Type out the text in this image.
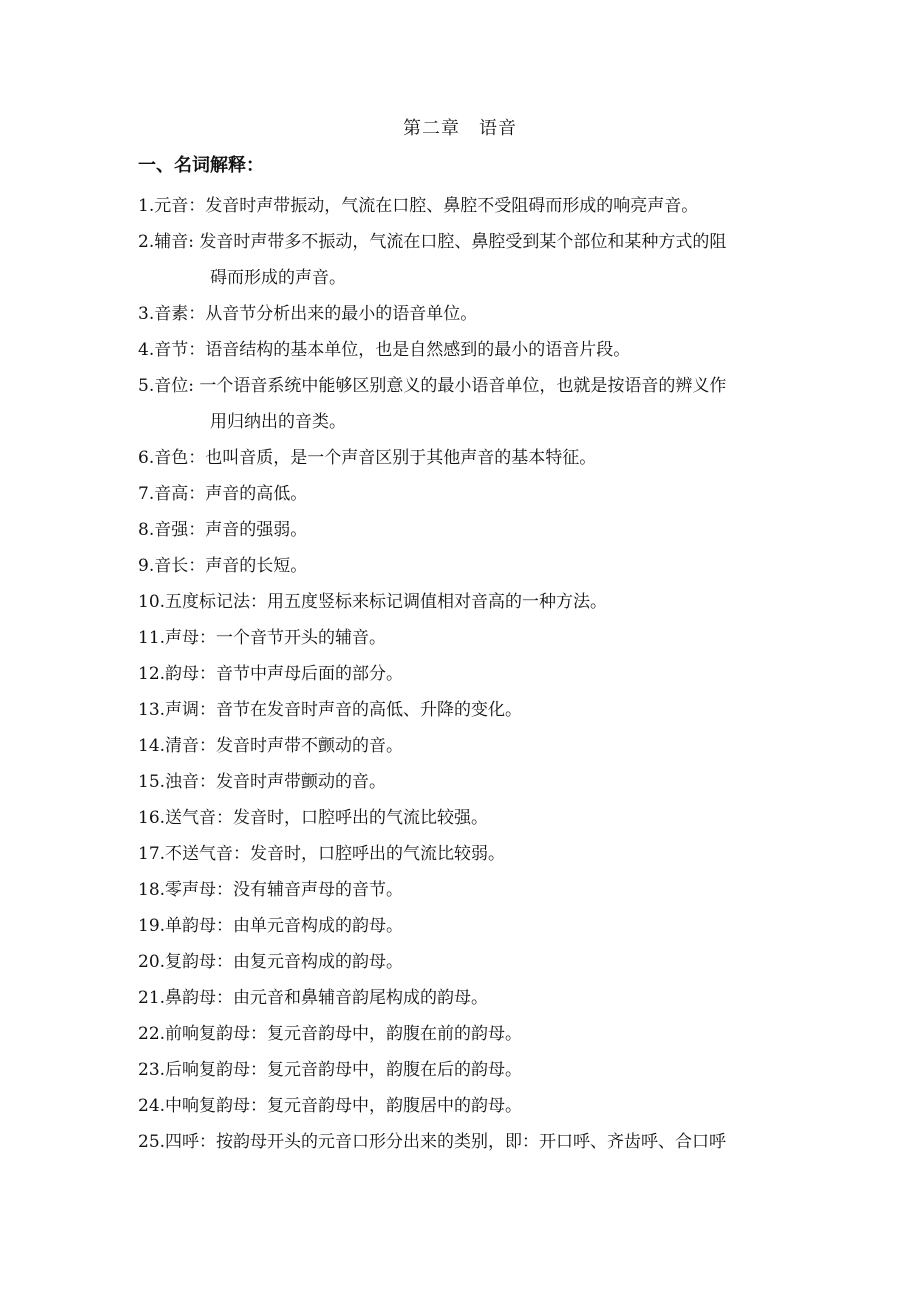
第二章　语音
一、名词解释：
1.元音：发音时声带振动，气流在口腔、鼻腔不受阻碍而形成的响亮声音。
2.辅音: 发音时声带多不振动，气流在口腔、鼻腔受到某个部位和某种方式的阻
碍而形成的声音。
3.音素：从音节分析出来的最小的语音单位。
4.音节：语音结构的基本单位，也是自然感到的最小的语音片段。
5.音位: 一个语音系统中能够区别意义的最小语音单位，也就是按语音的辨义作
用归纳出的音类。
6.音色：也叫音质，是一个声音区别于其他声音的基本特征。
7.音高：声音的高低。
8.音强：声音的强弱。
9.音长：声音的长短。
10.五度标记法：用五度竖标来标记调值相对音高的一种方法。
11.声母：一个音节开头的辅音。
12.韵母：音节中声母后面的部分。
13.声调：音节在发音时声音的高低、升降的变化。
14.清音：发音时声带不颤动的音。
15.浊音：发音时声带颤动的音。
16.送气音：发音时，口腔呼出的气流比较强。
17.不送气音：发音时，口腔呼出的气流比较弱。
18.零声母：没有辅音声母的音节。
19.单韵母：由单元音构成的韵母。
20.复韵母：由复元音构成的韵母。
21.鼻韵母：由元音和鼻辅音韵尾构成的韵母。
22.前响复韵母：复元音韵母中，韵腹在前的韵母。
23.后响复韵母：复元音韵母中，韵腹在后的韵母。
24.中响复韵母：复元音韵母中，韵腹居中的韵母。
25.四呼：按韵母开头的元音口形分出来的类别，即：开口呼、齐齿呼、合口呼
